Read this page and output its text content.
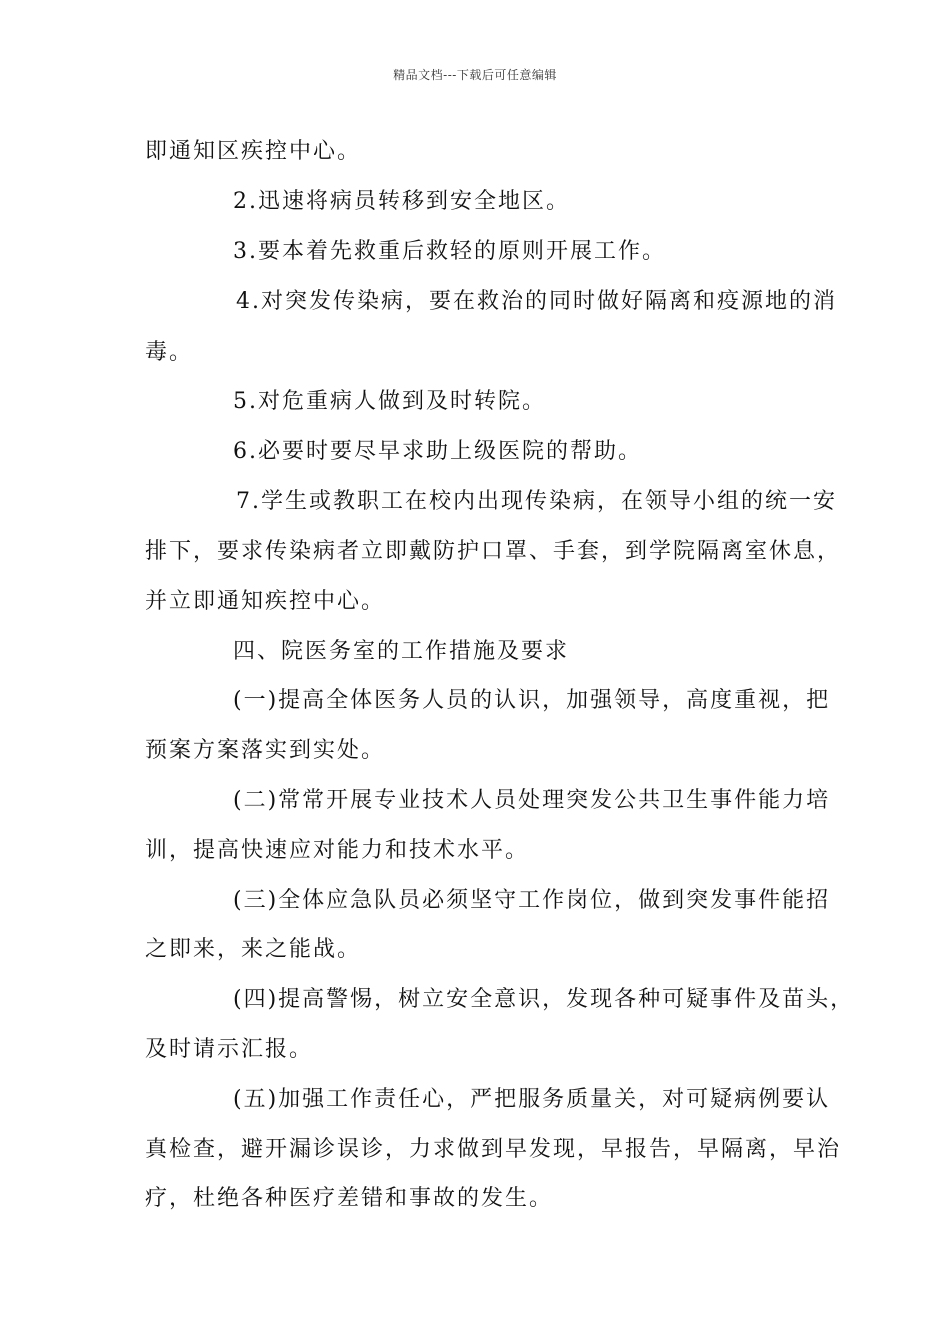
精品文档---下载后可任意编辑
即通知区疾控中心。
2.迅速将病员转移到安全地区。
3.要本着先救重后救轻的原则开展工作。
4.对突发传染病，要在救治的同时做好隔离和疫源地的消
毒。
5.对危重病人做到及时转院。
6.必要时要尽早求助上级医院的帮助。
7.学生或教职工在校内出现传染病，在领导小组的统一安
排下，要求传染病者立即戴防护口罩、手套，到学院隔离室休息，
并立即通知疾控中心。
四、院医务室的工作措施及要求
(一)提高全体医务人员的认识，加强领导，高度重视，把
预案方案落实到实处。
(二)常常开展专业技术人员处理突发公共卫生事件能力培
训，提高快速应对能力和技术水平。
(三)全体应急队员必须坚守工作岗位，做到突发事件能招
之即来，来之能战。
(四)提高警惕，树立安全意识，发现各种可疑事件及苗头，
及时请示汇报。
(五)加强工作责任心，严把服务质量关，对可疑病例要认
真检查，避开漏诊误诊，力求做到早发现，早报告，早隔离，早治
疗，杜绝各种医疗差错和事故的发生。
